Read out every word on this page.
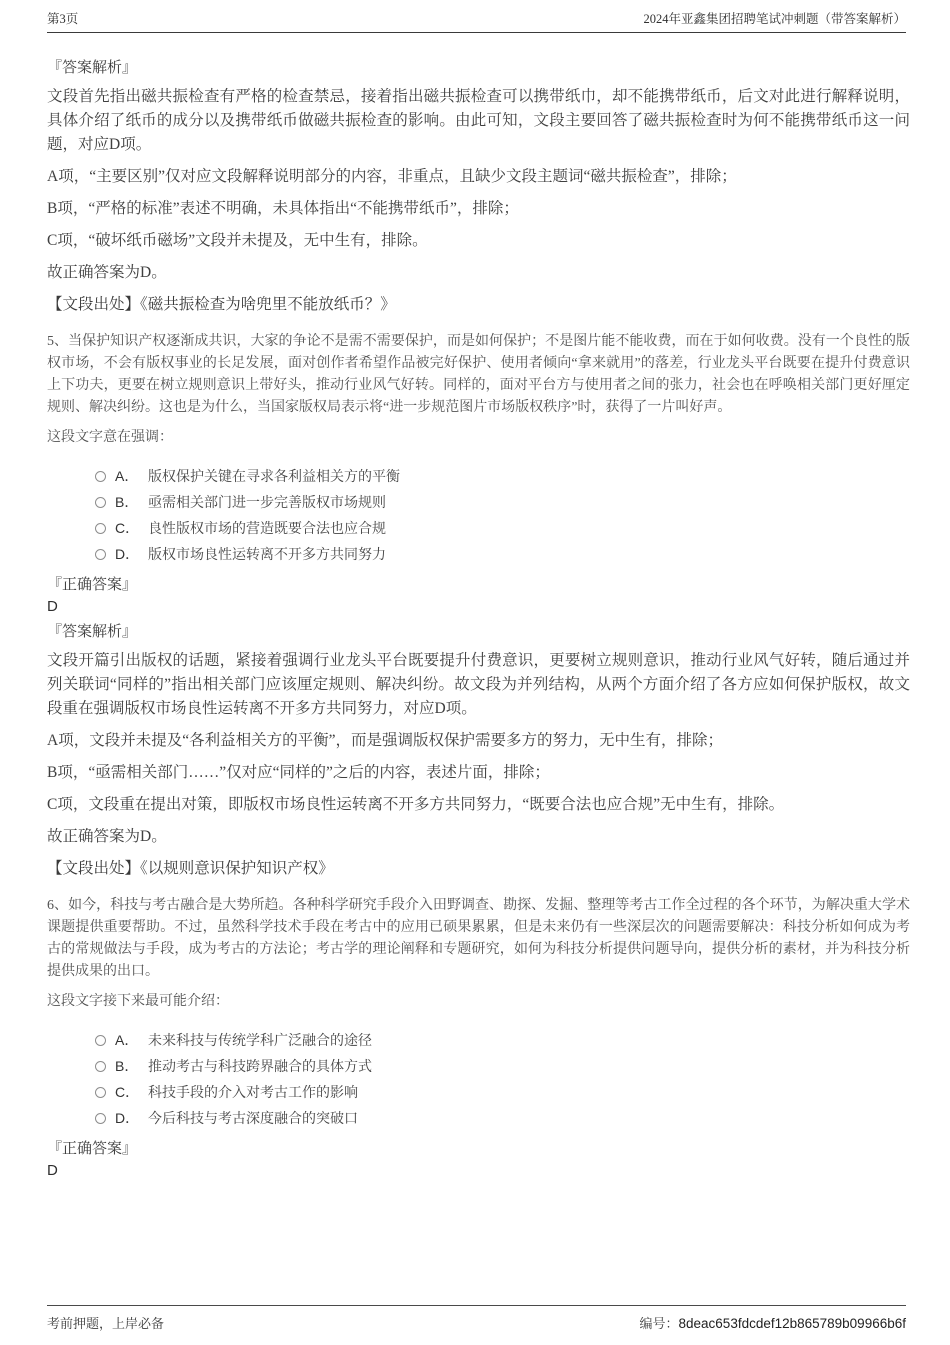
第3页	2024年亚鑫集团招聘笔试冲刺题（带答案解析）

『答案解析』

文段首先指出磁共振检查有严格的检查禁忌，接着指出磁共振检查可以携带纸巾，却不能携带纸币，后文对此进行解释说明，具体介绍了纸币的成分以及携带纸币做磁共振检查的影响。由此可知，文段主要回答了磁共振检查时为何不能携带纸币这一问题，对应D项。

A项，“主要区别”仅对应文段解释说明部分的内容，非重点，且缺少文段主题词“磁共振检查”，排除；

B项，“严格的标准”表述不明确，未具体指出“不能携带纸币”，排除；

C项，“破坏纸币磁场”文段并未提及，无中生有，排除。

故正确答案为D。

【文段出处】《磁共振检查为啥兜里不能放纸币？》

5、当保护知识产权逐渐成共识，大家的争论不是需不需要保护，而是如何保护；不是图片能不能收费，而在于如何收费。没有一个良性的版权市场，不会有版权事业的长足发展，面对创作者希望作品被完好保护、使用者倾向“拿来就用”的落差，行业龙头平台既要在提升付费意识上下功夫，更要在树立规则意识上带好头，推动行业风气好转。同样的，面对平台方与使用者之间的张力，社会也在呼唤相关部门更好厘定规则、解决纠纷。这也是为什么，当国家版权局表示将“进一步规范图片市场版权秩序”时，获得了一片叫好声。

这段文字意在强调：

A． 版权保护关键在寻求各利益相关方的平衡
B． 亟需相关部门进一步完善版权市场规则
C． 良性版权市场的营造既要合法也应合规
D． 版权市场良性运转离不开多方共同努力

『正确答案』

D

『答案解析』

文段开篇引出版权的话题，紧接着强调行业龙头平台既要提升付费意识，更要树立规则意识，推动行业风气好转，随后通过并列关联词“同样的”指出相关部门应该厘定规则、解决纠纷。故文段为并列结构，从两个方面介绍了各方应如何保护版权，故文段重在强调版权市场良性运转离不开多方共同努力，对应D项。

A项，文段并未提及“各利益相关方的平衡”，而是强调版权保护需要多方的努力，无中生有，排除；

B项，“亟需相关部门……”仅对应“同样的”之后的内容，表述片面，排除；

C项，文段重在提出对策，即版权市场良性运转离不开多方共同努力，“既要合法也应合规”无中生有，排除。

故正确答案为D。

【文段出处】《以规则意识保护知识产权》

6、如今，科技与考古融合是大势所趋。各种科学研究手段介入田野调查、勘探、发掘、整理等考古工作全过程的各个环节，为解决重大学术课题提供重要帮助。不过，虽然科学技术手段在考古中的应用已硕果累累，但是未来仍有一些深层次的问题需要解决：科技分析如何成为考古的常规做法与手段，成为考古的方法论；考古学的理论阐释和专题研究，如何为科技分析提供问题导向，提供分析的素材，并为科技分析提供成果的出口。

这段文字接下来最可能介绍：

A． 未来科技与传统学科广泛融合的途径
B． 推动考古与科技跨界融合的具体方式
C． 科技手段的介入对考古工作的影响
D． 今后科技与考古深度融合的突破口

『正确答案』

D

考前押题，上岸必备	编号： 8deac653fdcdef12b865789b09966b6f
